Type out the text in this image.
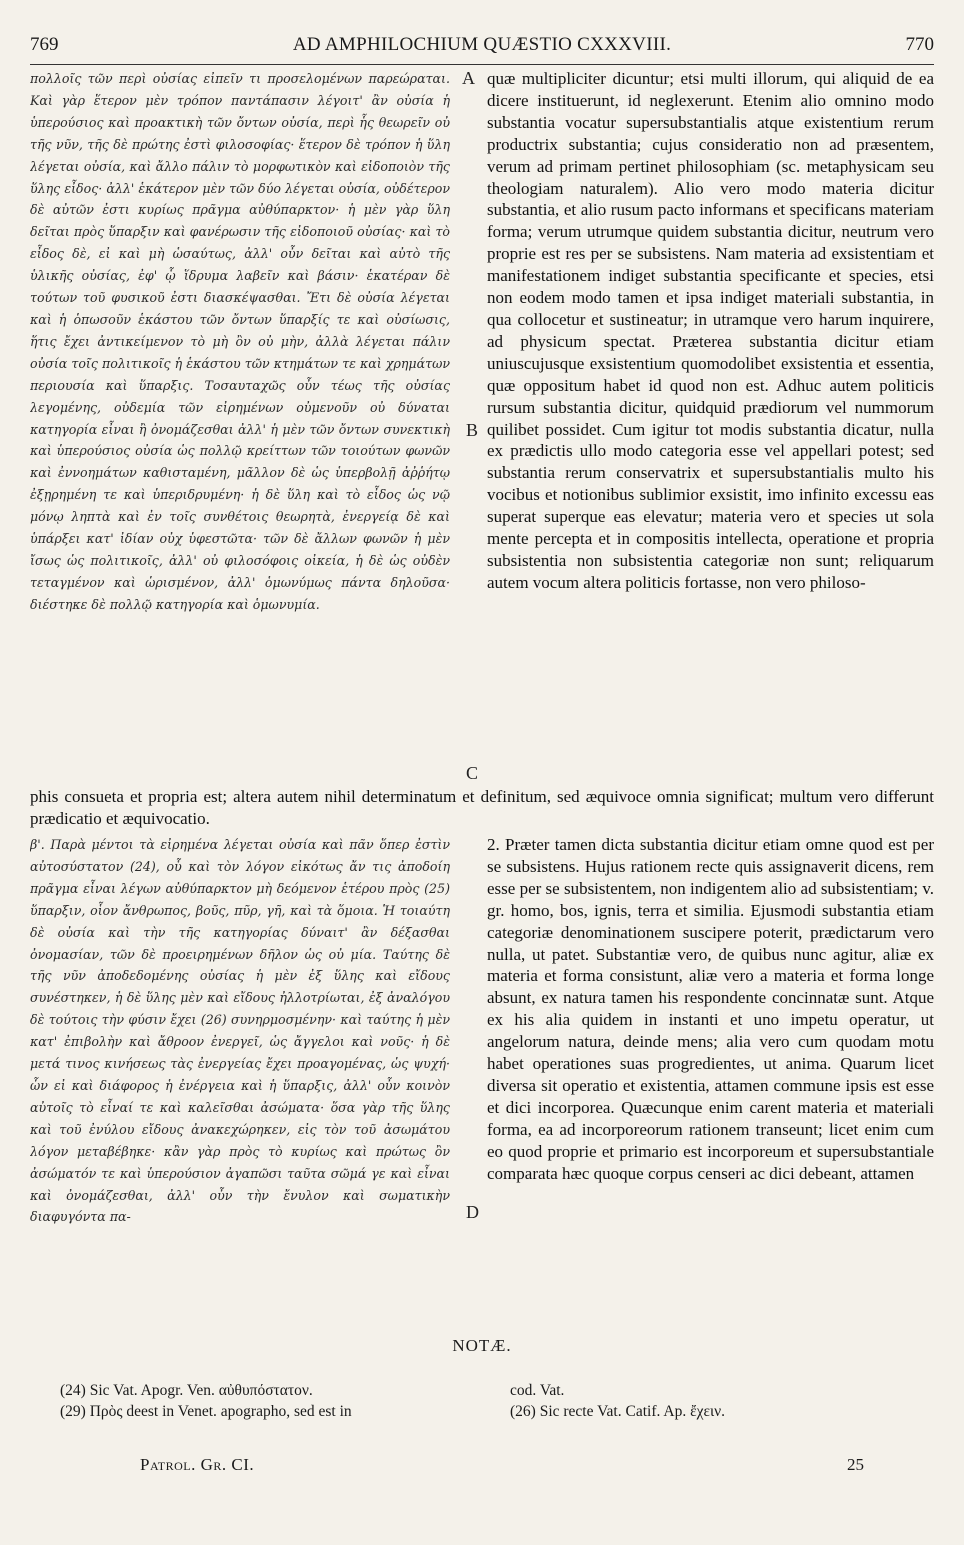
769	AD AMPHILOCHIUM QUÆSTIO CXXXVIII.	770

πολλοῖς τῶν περὶ οὐσίας εἰπεῖν τι προσελομένων παρεώραται. Καὶ γὰρ ἕτερον μὲν τρόπον παντάπασιν λέγοιτ' ἂν οὐσία ἡ ὑπερούσιος καὶ προακτικὴ τῶν ὄντων οὐσία, περὶ ἧς θεωρεῖν οὐ τῆς νῦν, τῆς δὲ πρώτης ἐστὶ φιλοσοφίας· ἕτερον δὲ τρόπον ἡ ὕλη λέγεται οὐσία, καὶ ἄλλο πάλιν τὸ μορφωτικὸν καὶ εἰδοποιὸν τῆς ὕλης εἶδος· ἀλλ' ἑκάτερον μὲν τῶν δύο λέγεται οὐσία, οὐδέτερον δὲ αὐτῶν ἐστι κυρίως πρᾶγμα αὐθύπαρκτον· ἡ μὲν γὰρ ὕλη δεῖται πρὸς ὕπαρξιν καὶ φανέρωσιν τῆς εἰδοποιοῦ οὐσίας· καὶ τὸ εἶδος δὲ, εἰ καὶ μὴ ὡσαύτως, ἀλλ' οὖν δεῖται καὶ αὐτὸ τῆς ὑλικῆς οὐσίας, ἐφ' ᾧ ἵδρυμα λαβεῖν καὶ βάσιν· ἑκατέραν δὲ τούτων τοῦ φυσικοῦ ἐστι διασκέψασθαι. Ἔτι δὲ οὐσία λέγεται καὶ ἡ ὁπωσοῦν ἑκάστου τῶν ὄντων ὕπαρξίς τε καὶ οὐσίωσις, ἥτις ἔχει ἀντικείμενον τὸ μὴ ὂν οὐ μὴν, ἀλλὰ λέγεται πάλιν οὐσία τοῖς πολιτικοῖς ἡ ἑκάστου τῶν κτημάτων τε καὶ χρημάτων περιουσία καὶ ὕπαρξις. Τοσαυταχῶς οὖν τέως τῆς οὐσίας λεγομένης, οὐδεμία τῶν εἰρημένων οὐμενοῦν οὐ δύναται κατηγορία εἶναι ἢ ὀνομάζεσθαι ἀλλ' ἡ μὲν τῶν ὄντων συνεκτικὴ καὶ ὑπερούσιος οὐσία ὡς πολλῷ κρείττων τῶν τοιούτων φωνῶν καὶ ἐννοημάτων καθισταμένη, μᾶλλον δὲ ὡς ὑπερβολῇ ἀῤῥήτῳ ἐξῃρημένη τε καὶ ὑπεριδρυμένη· ἡ δὲ ὕλη καὶ τὸ εἶδος ὡς νῷ μόνῳ ληπτὰ καὶ ἐν τοῖς συνθέτοις θεωρητὰ, ἐνεργείᾳ δὲ καὶ ὑπάρξει κατ' ἰδίαν οὐχ ὑφεστῶτα· τῶν δὲ ἄλλων φωνῶν ἡ μὲν ἴσως ὡς πολιτικοῖς, ἀλλ' οὐ φιλοσόφοις οἰκεία, ἡ δὲ ὡς οὐδὲν τεταγμένον καὶ ὡρισμένον, ἀλλ' ὁμωνύμως πάντα δηλοῦσα· διέστηκε δὲ πολλῷ κατηγορία καὶ ὁμωνυμία.

quæ multipliciter dicuntur; etsi multi illorum, qui aliquid de ea dicere instituerunt, id neglexerunt. Etenim alio omnino modo substantia vocatur supersubstantialis atque existentium rerum productrix substantia; cujus consideratio non ad præsentem, verum ad primam pertinet philosophiam (sc. metaphysicam seu theologiam naturalem). Alio vero modo materia dicitur substantia, et alio rusum pacto informans et specificans materiam forma; verum utrumque quidem substantia dicitur, neutrum vero proprie est res per se subsistens. Nam materia ad exsistentiam et manifestationem indiget substantia specificante et species, etsi non eodem modo tamen et ipsa indiget materiali substantia, in qua collocetur et sustineatur; in utramque vero harum inquirere, ad physicum spectat. Præterea substantia dicitur etiam uniuscujusque exsistentium quomodolibet exsistentia et essentia, quæ oppositum habet id quod non est. Adhuc autem politicis rursum substantia dicitur, quidquid prædiorum vel nummorum quilibet possidet. Cum igitur tot modis substantia dicatur, nulla ex prædictis ullo modo categoria esse vel appellari potest; sed substantia rerum conservatrix et supersubstantialis multo his vocibus et notionibus sublimior exsistit, imo infinito excessu eas superat superque eas elevatur; materia vero et species ut sola mente percepta et in compositis intellecta, operatione et propria subsistentia non subsistentia categoriæ non sunt; reliquarum autem vocum altera politicis fortasse, non vero philoso-

A
B
C
D

phis consueta et propria est; altera autem nihil determinatum et definitum, sed æquivoce omnia significat; multum vero differunt prædicatio et æquivocatio.

β'. Παρὰ μέντοι τὰ εἰρημένα λέγεται οὐσία καὶ πᾶν ὅπερ ἐστὶν αὐτοσύστατον (24), οὗ καὶ τὸν λόγον εἰκότως ἄν τις ἀποδοίη πρᾶγμα εἶναι λέγων αὐθύπαρκτον μὴ δεόμενον ἑτέρου πρὸς (25) ὕπαρξιν, οἷον ἄνθρωπος, βοῦς, πῦρ, γῆ, καὶ τὰ ὅμοια. Ἡ τοιαύτη δὲ οὐσία καὶ τὴν τῆς κατηγορίας δύναιτ' ἂν δέξασθαι ὀνομασίαν, τῶν δὲ προειρημένων δῆλον ὡς οὐ μία. Ταύτης δὲ τῆς νῦν ἀποδεδομένης οὐσίας ἡ μὲν ἐξ ὕλης καὶ εἴδους συνέστηκεν, ἡ δὲ ὕλης μὲν καὶ εἴδους ἠλλοτρίωται, ἐξ ἀναλόγου δὲ τούτοις τὴν φύσιν ἔχει (26) συνηρμοσμένην· καὶ ταύτης ἡ μὲν κατ' ἐπιβολὴν καὶ ἄθροον ἐνεργεῖ, ὡς ἄγγελοι καὶ νοῦς· ἡ δὲ μετά τινος κινήσεως τὰς ἐνεργείας ἔχει προαγομένας, ὡς ψυχή· ὧν εἰ καὶ διάφορος ἡ ἐνέργεια καὶ ἡ ὕπαρξις, ἀλλ' οὖν κοινὸν αὐτοῖς τὸ εἶναί τε καὶ καλεῖσθαι ἀσώματα· ὅσα γὰρ τῆς ὕλης καὶ τοῦ ἐνύλου εἴδους ἀνακεχώρηκεν, εἰς τὸν τοῦ ἀσωμάτου λόγον μεταβέβηκε· κἂν γὰρ πρὸς τὸ κυρίως καὶ πρώτως ὂν ἀσώματόν τε καὶ ὑπερούσιον ἀγαπῶσι ταῦτα σῶμά γε καὶ εἶναι καὶ ὀνομάζεσθαι, ἀλλ' οὖν τὴν ἔνυλον καὶ σωματικὴν διαφυγόντα πα-

2. Præter tamen dicta substantia dicitur etiam omne quod est per se subsistens. Hujus rationem recte quis assignaverit dicens, rem esse per se subsistentem, non indigentem alio ad subsistentiam; v. gr. homo, bos, ignis, terra et similia. Ejusmodi substantia etiam categoriæ denominationem suscipere poterit, prædictarum vero nulla, ut patet. Substantiæ vero, de quibus nunc agitur, aliæ ex materia et forma consistunt, aliæ vero a materia et forma longe absunt, ex natura tamen his respondente concinnatæ sunt. Atque ex his alia quidem in instanti et uno impetu operatur, ut angelorum natura, deinde mens; alia vero cum quodam motu habet operationes suas progredientes, ut anima. Quarum licet diversa sit operatio et existentia, attamen commune ipsis est esse et dici incorporea. Quæcunque enim carent materia et materiali forma, ea ad incorporeorum rationem transeunt; licet enim cum eo quod proprie et primario est incorporeum et supersubstantiale comparata hæc quoque corpus censeri ac dici debeant, attamen

NOTÆ.
(24) Sic Vat. Apogr. Ven. αὐθυπόστατον.
(29) Πρὸς deest in Venet. apographo, sed est in
cod. Vat.
(26) Sic recte Vat. Catif. Ap. ἔχειν.
Patrol. Gr. CI.	25
